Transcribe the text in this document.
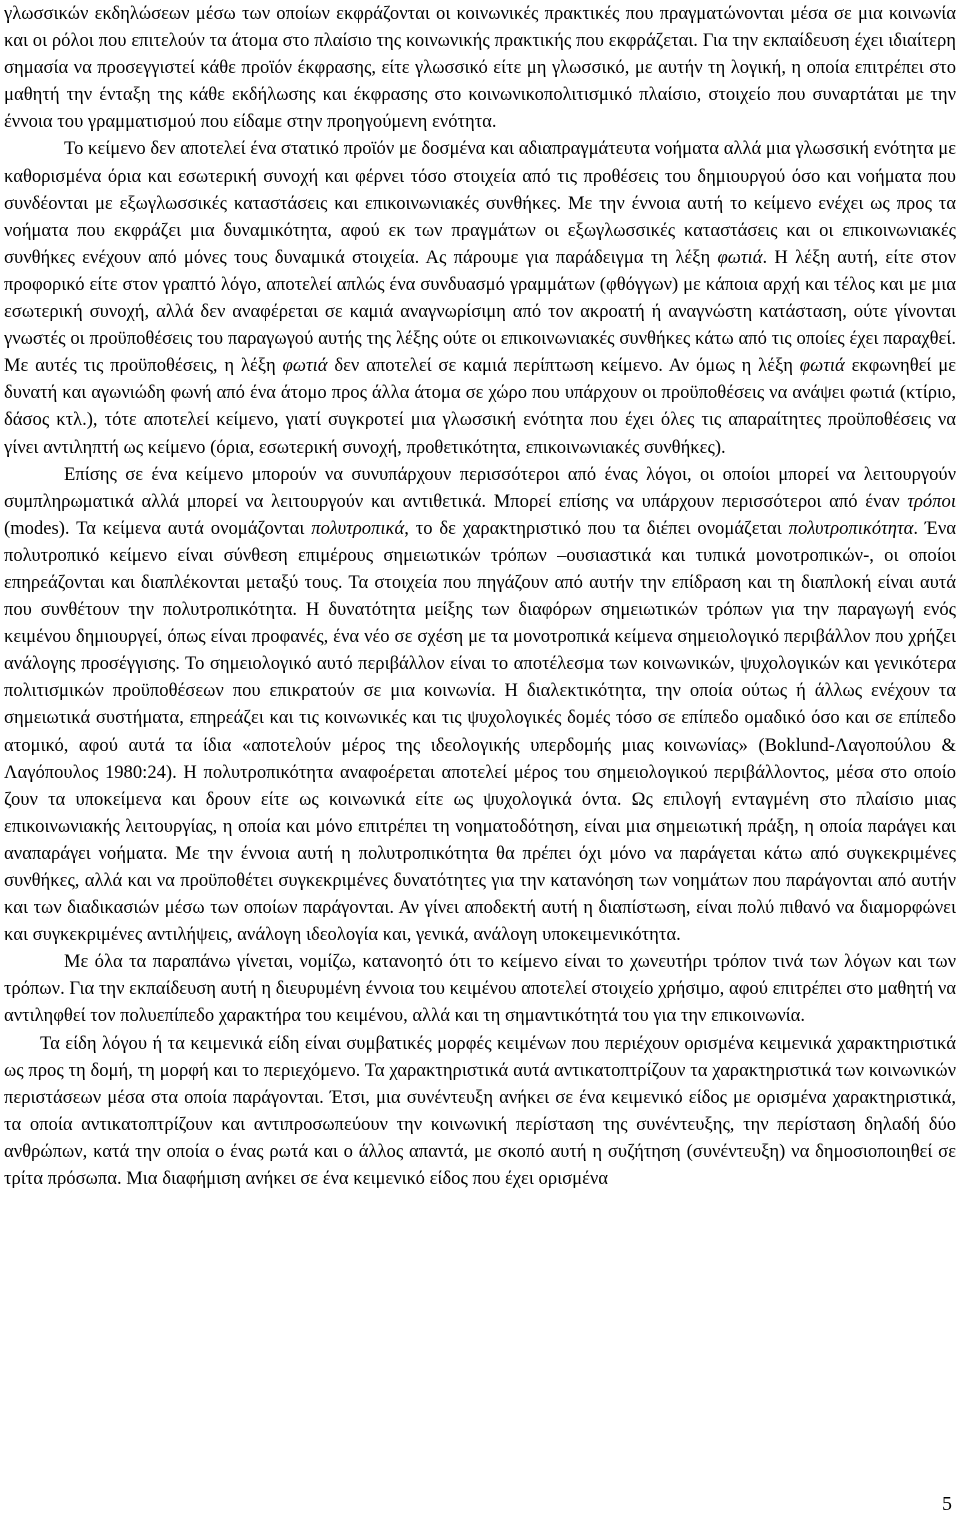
γλωσσικών εκδηλώσεων μέσω των οποίων εκφράζονται οι κοινωνικές πρακτικές που πραγματώνονται μέσα σε μια κοινωνία και οι ρόλοι που επιτελούν τα άτομα στο πλαίσιο της κοινωνικής πρακτικής που εκφράζεται. Για την εκπαίδευση έχει ιδιαίτερη σημασία να προσεγγιστεί κάθε προϊόν έκφρασης, είτε γλωσσικό είτε μη γλωσσικό, με αυτήν τη λογική, η οποία επιτρέπει στο μαθητή την ένταξη της κάθε εκδήλωσης και έκφρασης στο κοινωνικοπολιτισμικό πλαίσιο, στοιχείο που συναρτάται με την έννοια του γραμματισμού που είδαμε στην προηγούμενη ενότητα.

Το κείμενο δεν αποτελεί ένα στατικό προϊόν με δοσμένα και αδιαπραγμάτευτα νοήματα αλλά μια γλωσσική ενότητα με καθορισμένα όρια και εσωτερική συνοχή και φέρνει τόσο στοιχεία από τις προθέσεις του δημιουργού όσο και νοήματα που συνδέονται με εξωγλωσσικές καταστάσεις και επικοινωνιακές συνθήκες. Με την έννοια αυτή το κείμενο ενέχει ως προς τα νοήματα που εκφράζει μια δυναμικότητα, αφού εκ των πραγμάτων οι εξωγλωσσικές καταστάσεις και οι επικοινωνιακές συνθήκες ενέχουν από μόνες τους δυναμικά στοιχεία. Ας πάρουμε για παράδειγμα τη λέξη φωτιά. Η λέξη αυτή, είτε στον προφορικό είτε στον γραπτό λόγο, αποτελεί απλώς ένα συνδυασμό γραμμάτων (φθόγγων) με κάποια αρχή και τέλος και με μια εσωτερική συνοχή, αλλά δεν αναφέρεται σε καμιά αναγνωρίσιμη από τον ακροατή ή αναγνώστη κατάσταση, ούτε γίνονται γνωστές οι προϋποθέσεις του παραγωγού αυτής της λέξης ούτε οι επικοινωνιακές συνθήκες κάτω από τις οποίες έχει παραχθεί. Με αυτές τις προϋποθέσεις, η λέξη φωτιά δεν αποτελεί σε καμιά περίπτωση κείμενο. Αν όμως η λέξη φωτιά εκφωνηθεί με δυνατή και αγωνιώδη φωνή από ένα άτομο προς άλλα άτομα σε χώρο που υπάρχουν οι προϋποθέσεις να ανάψει φωτιά (κτίριο, δάσος κτλ.), τότε αποτελεί κείμενο, γιατί συγκροτεί μια γλωσσική ενότητα που έχει όλες τις απαραίτητες προϋποθέσεις να γίνει αντιληπτή ως κείμενο (όρια, εσωτερική συνοχή, προθετικότητα, επικοινωνιακές συνθήκες).

Επίσης σε ένα κείμενο μπορούν να συνυπάρχουν περισσότεροι από ένας λόγοι, οι οποίοι μπορεί να λειτουργούν συμπληρωματικά αλλά μπορεί να λειτουργούν και αντιθετικά. Μπορεί επίσης να υπάρχουν περισσότεροι από έναν τρόποι (modes). Τα κείμενα αυτά ονομάζονται πολυτροπικά, το δε χαρακτηριστικό που τα διέπει ονομάζεται πολυτροπικότητα. Ένα πολυτροπικό κείμενο είναι σύνθεση επιμέρους σημειωτικών τρόπων –ουσιαστικά και τυπικά μονοτροπικών-, οι οποίοι επηρεάζονται και διαπλέκονται μεταξύ τους. Τα στοιχεία που πηγάζουν από αυτήν την επίδραση και τη διαπλοκή είναι αυτά που συνθέτουν την πολυτροπικότητα. Η δυνατότητα μείξης των διαφόρων σημειωτικών τρόπων για την παραγωγή ενός κειμένου δημιουργεί, όπως είναι προφανές, ένα νέο σε σχέση με τα μονοτροπικά κείμενα σημειολογικό περιβάλλον που χρήζει ανάλογης προσέγγισης. Το σημειολογικό αυτό περιβάλλον είναι το αποτέλεσμα των κοινωνικών, ψυχολογικών και γενικότερα πολιτισμικών προϋποθέσεων που επικρατούν σε μια κοινωνία. Η διαλεκτικότητα, την οποία ούτως ή άλλως ενέχουν τα σημειωτικά συστήματα, επηρεάζει και τις κοινωνικές και τις ψυχολογικές δομές τόσο σε επίπεδο ομαδικό όσο και σε επίπεδο ατομικό, αφού αυτά τα ίδια «αποτελούν μέρος της ιδεολογικής υπερδομής μιας κοινωνίας» (Boklund-Λαγοπούλου & Λαγόπουλος 1980:24). Η πολυτροπικότητα αναφοέρεται αποτελεί μέρος του σημειολογικού περιβάλλοντος, μέσα στο οποίο ζουν τα υποκείμενα και δρουν είτε ως κοινωνικά είτε ως ψυχολογικά όντα. Ως επιλογή ενταγμένη στο πλαίσιο μιας επικοινωνιακής λειτουργίας, η οποία και μόνο επιτρέπει τη νοηματοδότηση, είναι μια σημειωτική πράξη, η οποία παράγει και αναπαράγει νοήματα. Με την έννοια αυτή η πολυτροπικότητα θα πρέπει όχι μόνο να παράγεται κάτω από συγκεκριμένες συνθήκες, αλλά και να προϋποθέτει συγκεκριμένες δυνατότητες για την κατανόηση των νοημάτων που παράγονται από αυτήν και των διαδικασιών μέσω των οποίων παράγονται. Αν γίνει αποδεκτή αυτή η διαπίστωση, είναι πολύ πιθανό να διαμορφώνει και συγκεκριμένες αντιλήψεις, ανάλογη ιδεολογία και, γενικά, ανάλογη υποκειμενικότητα.

Με όλα τα παραπάνω γίνεται, νομίζω, κατανοητό ότι το κείμενο είναι το χωνευτήρι τρόπον τινά των λόγων και των τρόπων. Για την εκπαίδευση αυτή η διευρυμένη έννοια του κειμένου αποτελεί στοιχείο χρήσιμο, αφού επιτρέπει στο μαθητή να αντιληφθεί τον πολυεπίπεδο χαρακτήρα του κειμένου, αλλά και τη σημαντικότητά του για την επικοινωνία.

Τα είδη λόγου ή τα κειμενικά είδη είναι συμβατικές μορφές κειμένων που περιέχουν ορισμένα κειμενικά χαρακτηριστικά ως προς τη δομή, τη μορφή και το περιεχόμενο. Τα χαρακτηριστικά αυτά αντικατοπτρίζουν τα χαρακτηριστικά των κοινωνικών περιστάσεων μέσα στα οποία παράγονται. Έτσι, μια συνέντευξη ανήκει σε ένα κειμενικό είδος με ορισμένα χαρακτηριστικά, τα οποία αντικατοπτρίζουν και αντιπροσωπεύουν την κοινωνική περίσταση της συνέντευξης, την περίσταση δηλαδή δύο ανθρώπων, κατά την οποία ο ένας ρωτά και ο άλλος απαντά, με σκοπό αυτή η συζήτηση (συνέντευξη) να δημοσιοποιηθεί σε τρίτα πρόσωπα. Μια διαφήμιση ανήκει σε ένα κειμενικό είδος που έχει ορισμένα

5
